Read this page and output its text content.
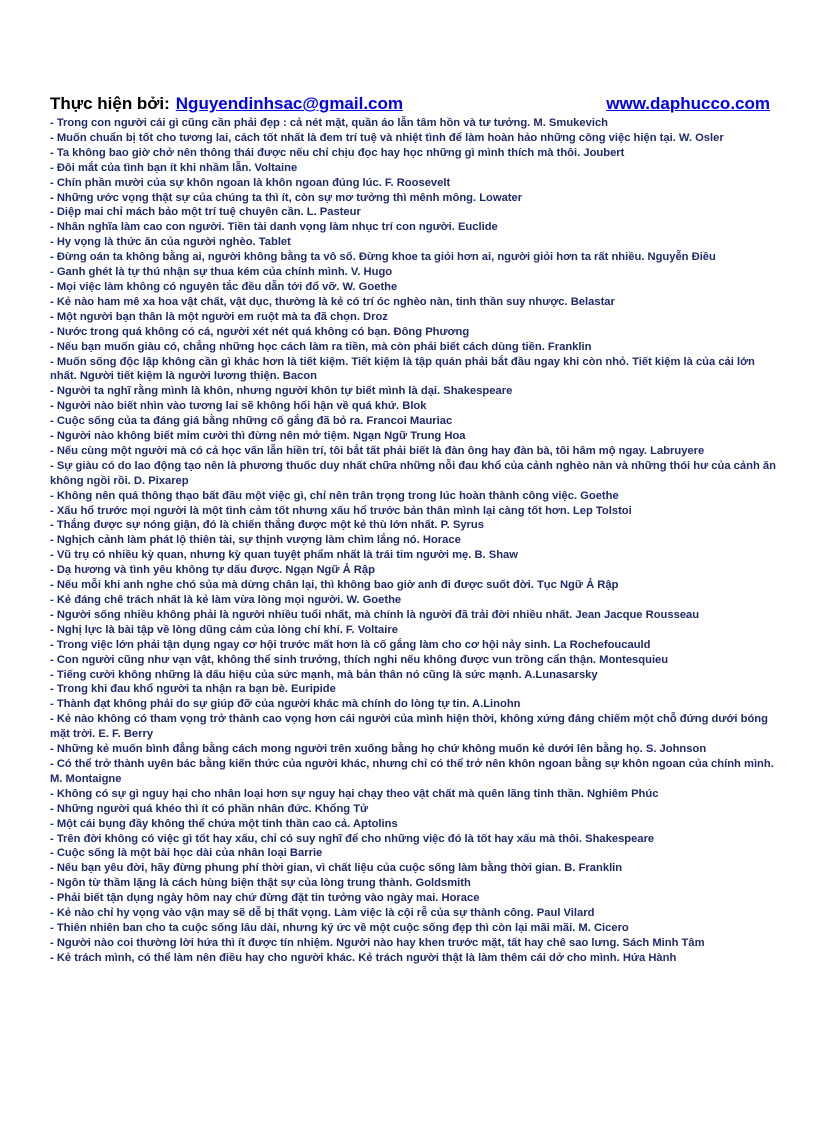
Thực hiện bởi: Nguyendinhsac@gmail.com	www.daphucco.com
- Trong con người cái gì cũng cần phải đẹp : cả nét mặt, quần áo lẫn tâm hồn và tư tưởng. M. Smukevich
- Muốn chuẩn bị tốt cho tương lai, cách tốt nhất là đem trí tuệ và nhiệt tình để làm hoàn hảo những công việc hiện tại. W. Osler
- Ta không bao giờ chở nên thông thái được nếu chỉ chịu đọc hay học những gì mình thích mà thôi. Joubert
- Đôi mắt của tình bạn ít khi nhầm lẫn. Voltaine
- Chín phần mười của sự khôn ngoan là khôn ngoan đúng lúc. F. Roosevelt
- Những ước vọng thật sự của chúng ta thì ít, còn sự mơ tưởng thì mênh mông. Lowater
- Diệp mai chỉ mách bảo một trí tuệ chuyên cần. L. Pasteur
- Nhân nghĩa làm cao con người. Tiền tài danh vọng làm nhục trí con người. Euclide
- Hy vọng là thức ăn của người nghèo. Tablet
- Đừng oán ta không bằng ai, người không bằng ta vô số. Đừng khoe ta giỏi hơn ai, người giỏi hơn ta rất nhiều. Nguyễn Điều
- Ganh ghét là tự thú nhận sự thua kém của chính mình. V. Hugo
- Mọi việc làm không có nguyên tắc đều dẫn tới đổ vỡ. W. Goethe
- Kẻ nào ham mê xa hoa vật chất, vật dục, thường là kẻ có trí óc nghèo nàn, tinh thần suy nhược. Belastar
- Một người bạn thân là một người em ruột mà ta đã chọn. Droz
- Nước trong quá không có cá, người xét nét quá không có bạn. Đông Phương
- Nếu bạn muốn giàu có, chẳng những học cách làm ra tiền, mà còn phải biết cách dùng tiền. Franklin
- Muốn sống độc lập không cần gì khác hơn là tiết kiệm. Tiết kiệm là tập quán phải bắt đầu ngay khi còn nhỏ. Tiết kiệm là của cải lớn nhất. Người tiết kiệm là người lương thiện. Bacon
- Người ta nghĩ rằng mình là khôn, nhưng người khôn tự biết mình là dại. Shakespeare
- Người nào biết nhìn vào tương lai sẽ không hối hận về quá khứ. Blok
- Cuộc sống của ta đáng giá bằng những cố gắng đã bỏ ra. Francoi Mauriac
- Người nào không biết mỉm cười thì đừng nên mở tiệm. Ngạn Ngữ Trung Hoa
- Nếu cùng một người mà có cả học vấn lẫn hiền trí, tôi bắt tất phải biết là đàn ông hay đàn bà, tôi hâm mộ ngay. Labruyere
- Sự giàu có do lao động tạo nên là phương thuốc duy nhất chữa những nỗi đau khổ của cảnh nghèo nàn và những thói hư của cảnh ăn không ngồi rồi. D. Pixarep
- Không nên quá thông thạo bất đầu một việc gì, chỉ nên trân trọng trong lúc hoàn thành công việc. Goethe
- Xấu hổ trước mọi người là một tình cảm tốt nhưng xấu hổ trước bản thân mình lại càng tốt hơn. Lep Tolstoi
- Thắng được sự nóng giận, đó là chiến thắng được một kẻ thù lớn nhất. P. Syrus
- Nghịch cảnh làm phát lộ thiên tài, sự thịnh vượng làm chìm lắng nó. Horace
- Vũ trụ có nhiều kỳ quan, nhưng kỳ quan tuyệt phẩm nhất là trái tim người mẹ. B. Shaw
- Dạ hương và tình yêu không tự dấu được. Ngạn Ngữ Ả Rập
- Nếu mỗi khi anh nghe chó sủa mà dừng chân lại, thì không bao giờ anh đi được suốt đời. Tục Ngữ Ả Rập
- Kẻ đáng chê trách nhất là kẻ làm vừa lòng mọi người. W. Goethe
- Người sống nhiều không phải là người nhiều tuổi nhất, mà chính là người đã trải đời nhiều nhất. Jean Jacque Rousseau
- Nghị lực là bài tập về lòng dũng cảm của lòng chí khí. F. Voltaire
- Trong việc lớn phải tận dụng ngay cơ hội trước mất hơn là cố gắng làm cho cơ hội nảy sinh. La Rochefoucauld
- Con người cũng như vạn vật, không thể sinh trưởng, thích nghi nếu không được vun trồng cẩn thận. Montesquieu
- Tiếng cười không những là dấu hiệu của sức mạnh, mà bản thân nó cũng là sức mạnh. A.Lunasarsky
- Trong khi đau khổ người ta nhận ra bạn bè. Euripide
- Thành đạt không phải do sự giúp đỡ của người khác mà chính do lòng tự tin. A.Linohn
- Kẻ nào không có tham vọng trở thành cao vọng hơn cái người của mình hiện thời, không xứng đáng chiếm một chỗ đứng dưới bóng mặt trời. E. F. Berry
- Những kẻ muốn bình đẳng bằng cách mong người trên xuống bằng họ chứ không muốn kẻ dưới lên bằng họ. S. Johnson
- Có thể trở thành uyên bác bằng kiến thức của người khác, nhưng chỉ có thể trở nên khôn ngoan bằng sự khôn ngoan của chính mình. M. Montaigne
- Không có sự gì nguy hại cho nhân loại hơn sự nguy hại chạy theo vật chất mà quên lãng tinh thần. Nghiêm Phúc
- Những người quá khéo thì ít có phần nhân đức. Khổng Tử
- Một cái bụng đầy không thể chứa một tinh thần cao cả. Aptolins
- Trên đời không có việc gì tốt hay xấu, chỉ có suy nghĩ để cho những việc đó là tốt hay xấu mà thôi. Shakespeare
- Cuộc sống là một bài học dài của nhân loại Barrie
- Nếu bạn yêu đời, hãy đừng phung phí thời gian, vì chất liệu của cuộc sống làm bằng thời gian. B. Franklin
- Ngôn từ thầm lặng là cách hùng biện thật sự của lòng trung thành. Goldsmith
- Phải biết tận dụng ngày hôm nay chứ đừng đặt tin tưởng vào ngày mai. Horace
- Kẻ nào chỉ hy vọng vào vận may sẽ dễ bị thất vọng. Làm việc là cội rễ của sự thành công. Paul Vilard
- Thiên nhiên ban cho ta cuộc sống lâu dài, nhưng ký ức về một cuộc sống đẹp thì còn lại mãi mãi. M. Cicero
- Người nào coi thường lời hứa thì ít được tín nhiệm. Người nào hay khen trước mặt, tất hay chê sao lưng. Sách Minh Tâm
- Kẻ trách mình, có thể làm nên điều hay cho người khác. Kẻ trách người thật là làm thêm cái dở cho mình. Hứa Hành
